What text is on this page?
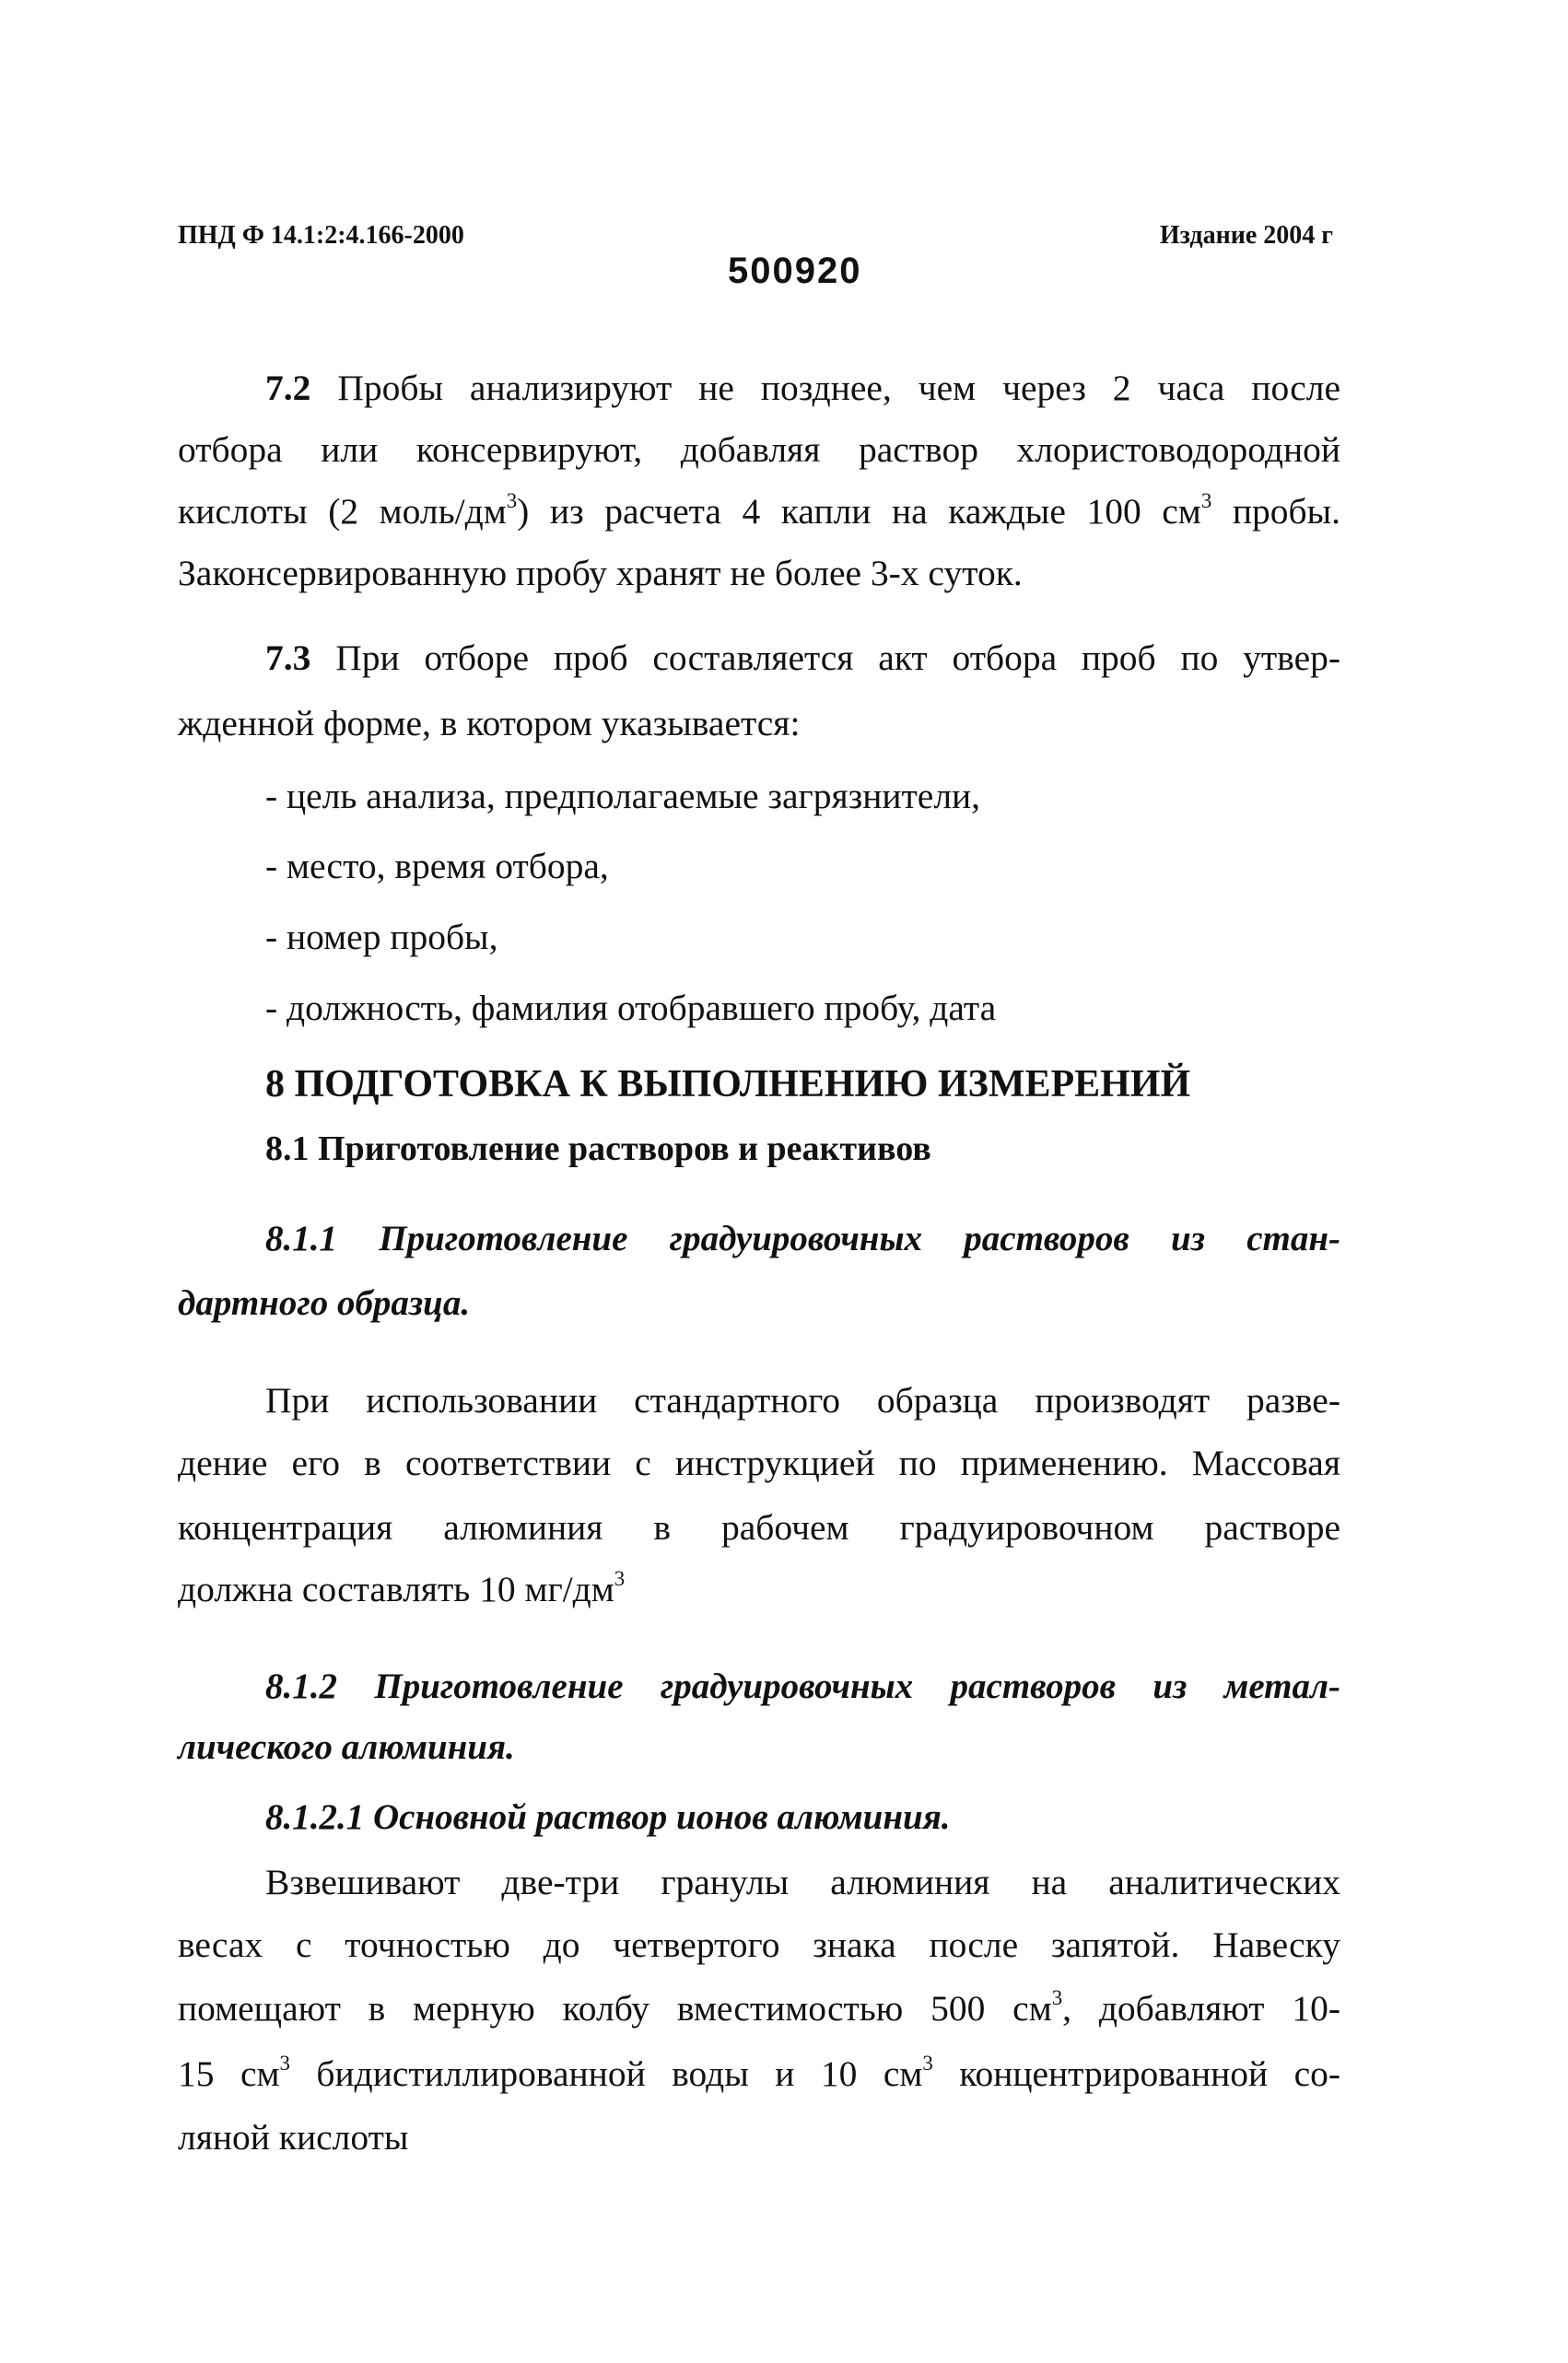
ПНД Ф 14.1:2:4.166-2000	Издание 2004 г
500920
7.2 Пробы анализируют не позднее, чем через 2 часа после
отбора или консервируют, добавляя раствор хлористоводородной
кислоты (2 моль/$дм^3$) из расчета 4 капли на каждые 100 $см^3$ пробы.
Законсервированную пробу хранят не более 3-х суток.
7.3 При отборе проб составляется акт отбора проб по утвер-
жденной форме, в котором указывается:
- цель анализа, предполагаемые загрязнители,
- место, время отбора,
- номер пробы,
- должность, фамилия отобравшего пробу, дата
8 ПОДГОТОВКА К ВЫПОЛНЕНИЮ ИЗМЕРЕНИЙ
8.1 Приготовление растворов и реактивов
8.1.1 Приготовление градуировочных растворов из стан-
дартного образца.
При использовании стандартного образца производят разве-
дение его в соответствии с инструкцией по применению. Массовая
концентрация алюминия в рабочем градуировочном растворе
должна составлять 10 $мг/дм^3$
8.1.2 Приготовление градуировочных растворов из метал-
лического алюминия.
8.1.2.1 Основной раствор ионов алюминия.
Взвешивают две-три гранулы алюминия на аналитических
весах с точностью до четвертого знака после запятой. Навеску
помещают в мерную колбу вместимостью 500 $см^3$, добавляют 10-
15 $см^3$ бидистиллированной воды и 10 $см^3$ концентрированной со-
ляной кислоты
